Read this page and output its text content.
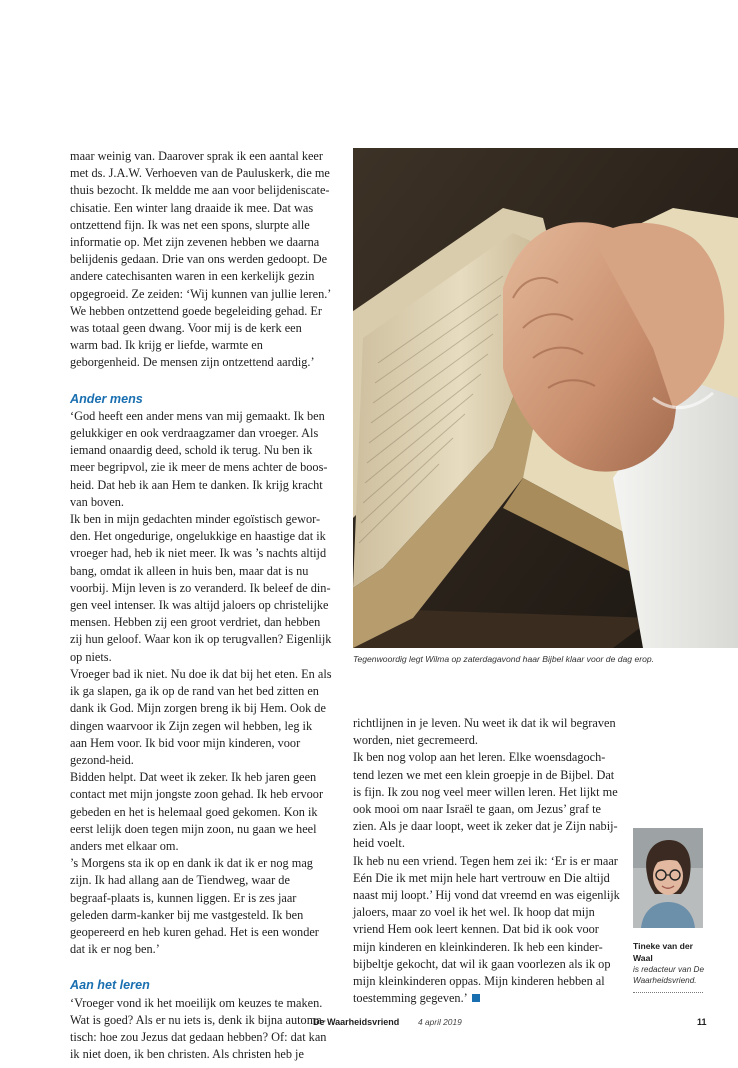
maar weinig van. Daarover sprak ik een aantal keer met ds. J.A.W. Verhoeven van de Pauluskerk, die me thuis bezocht. Ik meldde me aan voor belijdeniscate-chisatie. Een winter lang draaide ik mee. Dat was ontzettend fijn. Ik was net een spons, slurpte alle informatie op. Met zijn zevenen hebben we daarna belijdenis gedaan. Drie van ons werden gedoopt. De andere catechisanten waren in een kerkelijk gezin opgegroeid. Ze zeiden: ‘Wij kunnen van jullie leren.’ We hebben ontzettend goede begeleiding gehad. Er was totaal geen dwang. Voor mij is de kerk een warm bad. Ik krijg er liefde, warmte en geborgenheid. De mensen zijn ontzettend aardig.’

Ander mens

‘God heeft een ander mens van mij gemaakt. Ik ben gelukkiger en ook verdraagzamer dan vroeger. Als iemand onaardig deed, schold ik terug. Nu ben ik meer begripvol, zie ik meer de mens achter de boos-heid. Dat heb ik aan Hem te danken. Ik krijg kracht van boven.

Ik ben in mijn gedachten minder egoïstisch gewor-den. Het ongedurige, ongelukkige en haastige dat ik vroeger had, heb ik niet meer. Ik was ’s nachts altijd bang, omdat ik alleen in huis ben, maar dat is nu voorbij. Mijn leven is zo veranderd. Ik beleef de din-gen veel intenser. Ik was altijd jaloers op christelijke mensen. Hebben zij een groot verdriet, dan hebben zij hun geloof. Waar kon ik op terugvallen? Eigenlijk op niets.

Vroeger bad ik niet. Nu doe ik dat bij het eten. En als ik ga slapen, ga ik op de rand van het bed zitten en dank ik God. Mijn zorgen breng ik bij Hem. Ook de dingen waarvoor ik Zijn zegen wil hebben, leg ik aan Hem voor. Ik bid voor mijn kinderen, voor gezond-heid.

Bidden helpt. Dat weet ik zeker. Ik heb jaren geen contact met mijn jongste zoon gehad. Ik heb ervoor gebeden en het is helemaal goed gekomen. Kon ik eerst lelijk doen tegen mijn zoon, nu gaan we heel anders met elkaar om.

’s Morgens sta ik op en dank ik dat ik er nog mag zijn. Ik had allang aan de Tiendweg, waar de begraaf-plaats is, kunnen liggen. Er is zes jaar geleden darm-kanker bij me vastgesteld. Ik ben geopereerd en heb kuren gehad. Het is een wonder dat ik er nog ben.’

Aan het leren

‘Vroeger vond ik het moeilijk om keuzes te maken. Wat is goed? Als er nu iets is, denk ik bijna automa-tisch: hoe zou Jezus dat gedaan hebben? Of: dat kan ik niet doen, ik ben christen. Als christen heb je

Tegenwoordig legt Wilma op zaterdagavond haar Bijbel klaar voor de dag erop.

richtlijnen in je leven. Nu weet ik dat ik wil begraven worden, niet gecremeerd.

Ik ben nog volop aan het leren. Elke woensdagoch-tend lezen we met een klein groepje in de Bijbel. Dat is fijn. Ik zou nog veel meer willen leren. Het lijkt me ook mooi om naar Israël te gaan, om Jezus’ graf te zien. Als je daar loopt, weet ik zeker dat je Zijn nabij-heid voelt.

Ik heb nu een vriend. Tegen hem zei ik: ‘Er is er maar Eén Die ik met mijn hele hart vertrouw en Die altijd naast mij loopt.’ Hij vond dat vreemd en was eigenlijk jaloers, maar zo voel ik het wel. Ik hoop dat mijn vriend Hem ook leert kennen. Dat bid ik ook voor mijn kinderen en kleinkinderen. Ik heb een kinder-bijbeltje gekocht, dat wil ik gaan voorlezen als ik op mijn kleinkinderen oppas. Mijn kinderen hebben al toestemming gegeven.’

Tineke van der Waal
is redacteur van De Waarheidsvriend.
De Waarheidsvriend 4 april 2019	11
